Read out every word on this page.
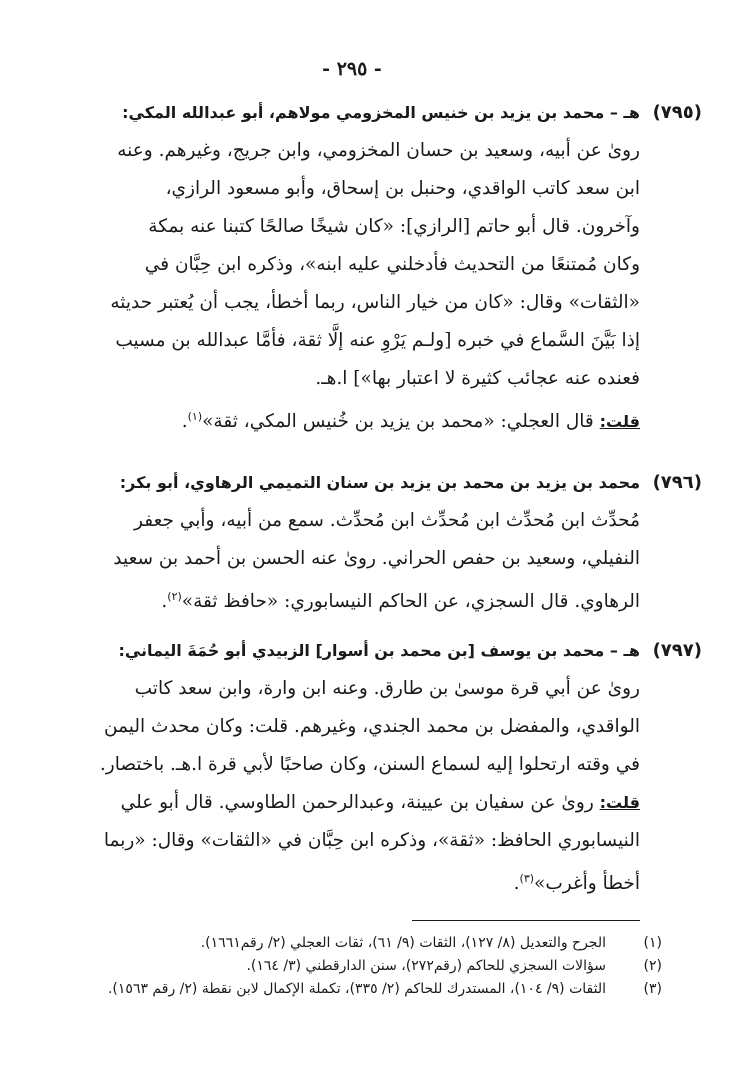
- ٢٩٥ -
(٧٩٥)
هـ – محمد بن يزيد بن خنيس المخزومي مولاهم، أبو عبدالله المكي:

روىٰ عن أبيه، وسعيد بن حسان المخزومي، وابن جريج، وغيرهم. وعنه

ابن سعد كاتب الواقدي، وحنبل بن إسحاق، وأبو مسعود الرازي،

وآخرون. قال أبو حاتم [الرازي]: «كان شيخًا صالحًا كتبنا عنه بمكة

وكان مُمتنعًا من التحديث فأدخلني عليه ابنه»، وذكره ابن حِبَّان في

«الثقات» وقال: «كان من خيار الناس، ربما أخطأ، يجب أن يُعتبر حديثه

إذا بَيَّنَ السَّماع في خبره [ولـم يَرْوِ عنه إلَّا ثقة، فأمَّا عبدالله بن مسيب

فعنده عنه عجائب كثيرة لا اعتبار بها»] ا.هـ.

قلت: قال العجلي: «محمد بن يزيد بن خُنيس المكي، ثقة»$^{(١)}$.

(٧٩٦)
محمد بن يزيد بن محمد بن يزيد بن سنان التميمي الرهاوي، أبو بكر:

مُحدِّث ابن مُحدِّث ابن مُحدِّث ابن مُحدِّث. سمع من أبيه، وأبي جعفر

النفيلي، وسعيد بن حفص الحراني. روىٰ عنه الحسن بن أحمد بن سعيد

الرهاوي. قال السجزي، عن الحاكم النيسابوري: «حافظ ثقة»$^{(٢)}$.

(٧٩٧)
هـ – محمد بن يوسف [بن محمد بن أسوار] الزبيدي أبو حُمَةَ اليماني:

روىٰ عن أبي قرة موسىٰ بن طارق. وعنه ابن وارة، وابن سعد كاتب

الواقدي، والمفضل بن محمد الجندي، وغيرهم. قلت: وكان محدث اليمن

في وقته ارتحلوا إليه لسماع السنن، وكان صاحبًا لأبي قرة ا.هـ. باختصار.

قلت: روىٰ عن سفيان بن عيينة، وعبدالرحمن الطاوسي. قال أبو علي

النيسابوري الحافظ: «ثقة»، وذكره ابن حِبَّان في «الثقات» وقال: «ربما

أخطأ وأغرب»$^{(٣)}$.

(١)
الجرح والتعديل (٨/ ١٢٧)، الثقات (٩/ ٦١)، ثقات العجلي (٢/ رقم١٦٦١).
(٢)
سؤالات السجزي للحاكم (رقم٢٧٢)، سنن الدارقطني (٣/ ١٦٤).
(٣)
الثقات (٩/ ١٠٤)، المستدرك للحاكم (٢/ ٣٣٥)، تكملة الإكمال لابن نقطة (٢/ رقم ١٥٦٣).
